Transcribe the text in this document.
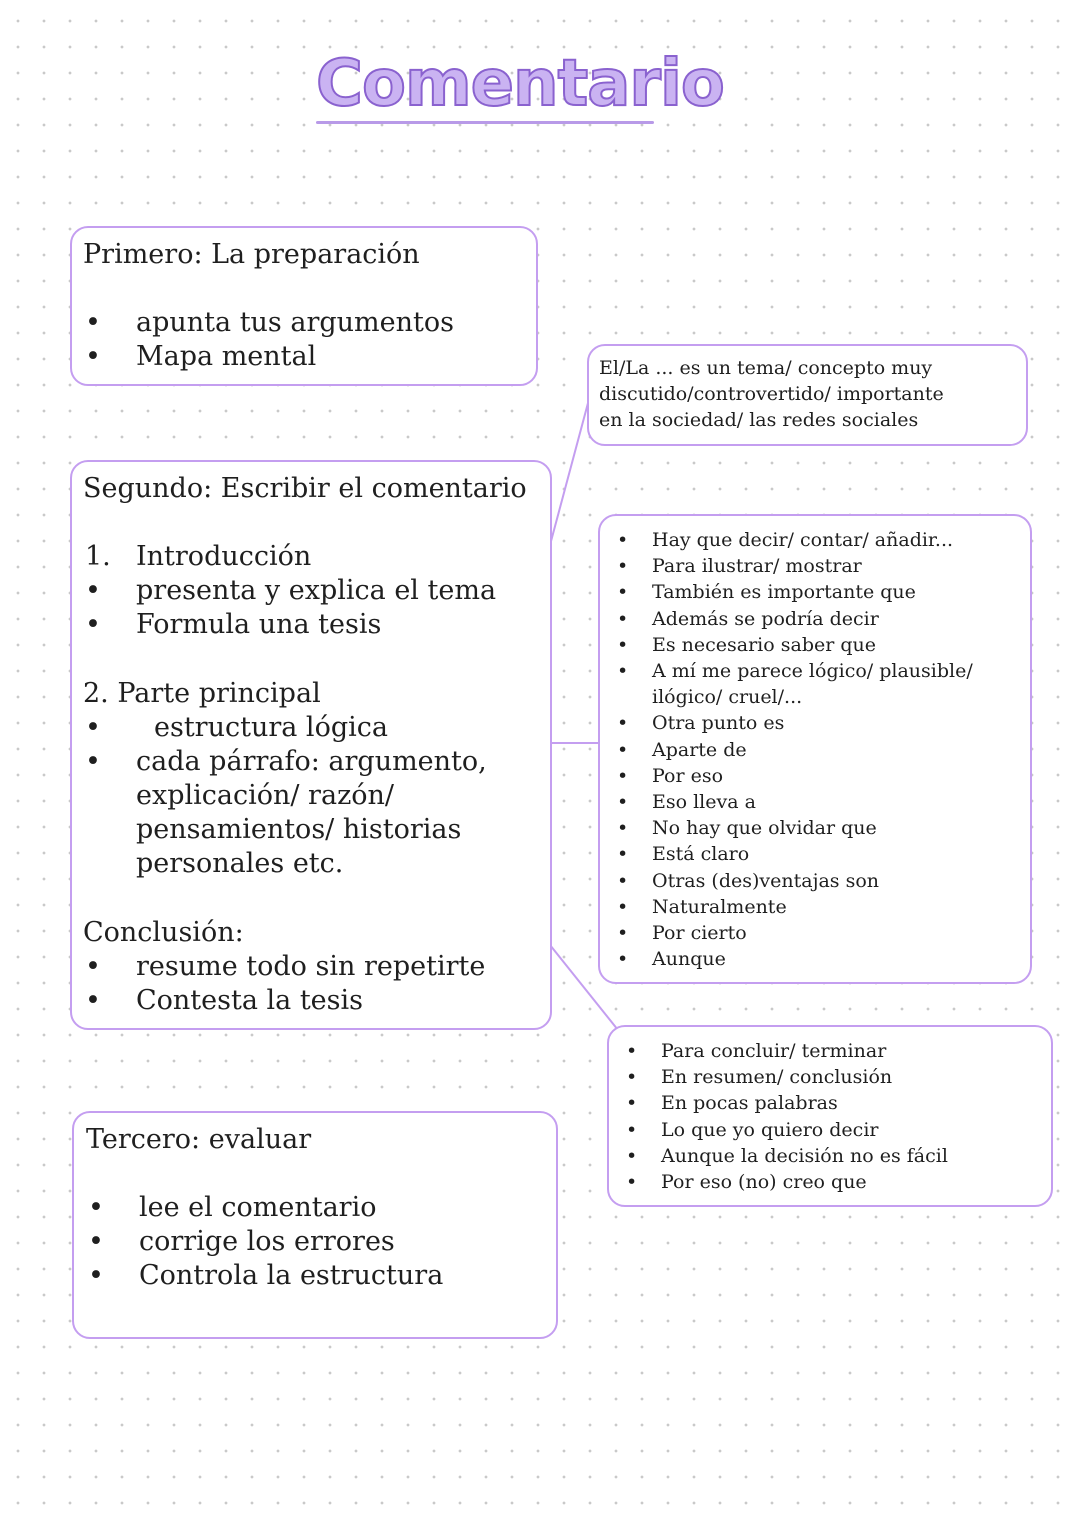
Comentario
Primero: La preparación
• apunta tus argumentos
• Mapa mental
Segundo: Escribir el comentario
1. Introducción
• presenta y explica el tema
• Formula una tesis
2. Parte principal
• estructura lógica
• cada párrafo: argumento,
explicación/ razón/
pensamientos/ historias
personales etc.
Conclusión:
• resume todo sin repetirte
• Contesta la tesis
Tercero: evaluar
• lee el comentario
• corrige los errores
• Controla la estructura
El/La ... es un tema/ concepto muy
discutido/controvertido/ importante
en la sociedad/ las redes sociales
• Hay que decir/ contar/ añadir...
• Para ilustrar/ mostrar
• También es importante que
• Además se podría decir
• Es necesario saber que
• A mí me parece lógico/ plausible/
ilógico/ cruel/...
• Otra punto es
• Aparte de
• Por eso
• Eso lleva a
• No hay que olvidar que
• Está claro
• Otras (des)ventajas son
• Naturalmente
• Por cierto
• Aunque
• Para concluir/ terminar
• En resumen/ conclusión
• En pocas palabras
• Lo que yo quiero decir
• Aunque la decisión no es fácil
• Por eso (no) creo que
